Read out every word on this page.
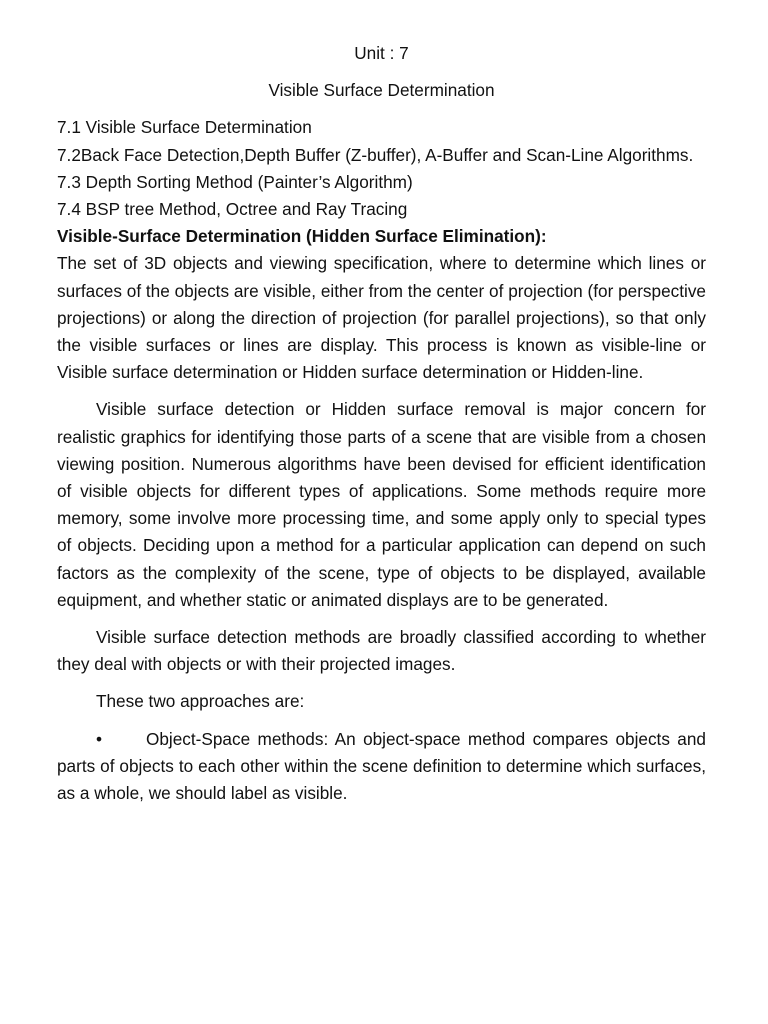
Unit : 7
Visible Surface Determination
7.1 Visible Surface Determination
7.2Back Face Detection,Depth Buffer (Z-buffer), A-Buffer and Scan-Line Algorithms.
7.3 Depth Sorting Method (Painter’s Algorithm)
7.4 BSP tree Method, Octree and Ray Tracing
Visible-Surface Determination (Hidden Surface Elimination):

The set of 3D objects and viewing specification, where to determine which lines or surfaces of the objects are visible, either from the center of projection (for perspective projections) or along the direction of projection (for parallel projections), so that only the visible surfaces or lines are display. This process is known as visible-line or Visible surface determination or Hidden surface determination or Hidden-line.

Visible surface detection or Hidden surface removal is major concern for realistic graphics for identifying those parts of a scene that are visible from a chosen viewing position. Numerous algorithms have been devised for efficient identification of visible objects for different types of applications. Some methods require more memory, some involve more processing time, and some apply only to special types of objects. Deciding upon a method for a particular application can depend on such factors as the complexity of the scene, type of objects to be displayed, available equipment, and whether static or animated displays are to be generated.

Visible surface detection methods are broadly classified according to whether they deal with objects or with their projected images.

These two approaches are:

•	Object-Space methods: An object-space method compares objects and parts of objects to each other within the scene definition to determine which surfaces, as a whole, we should label as visible.
